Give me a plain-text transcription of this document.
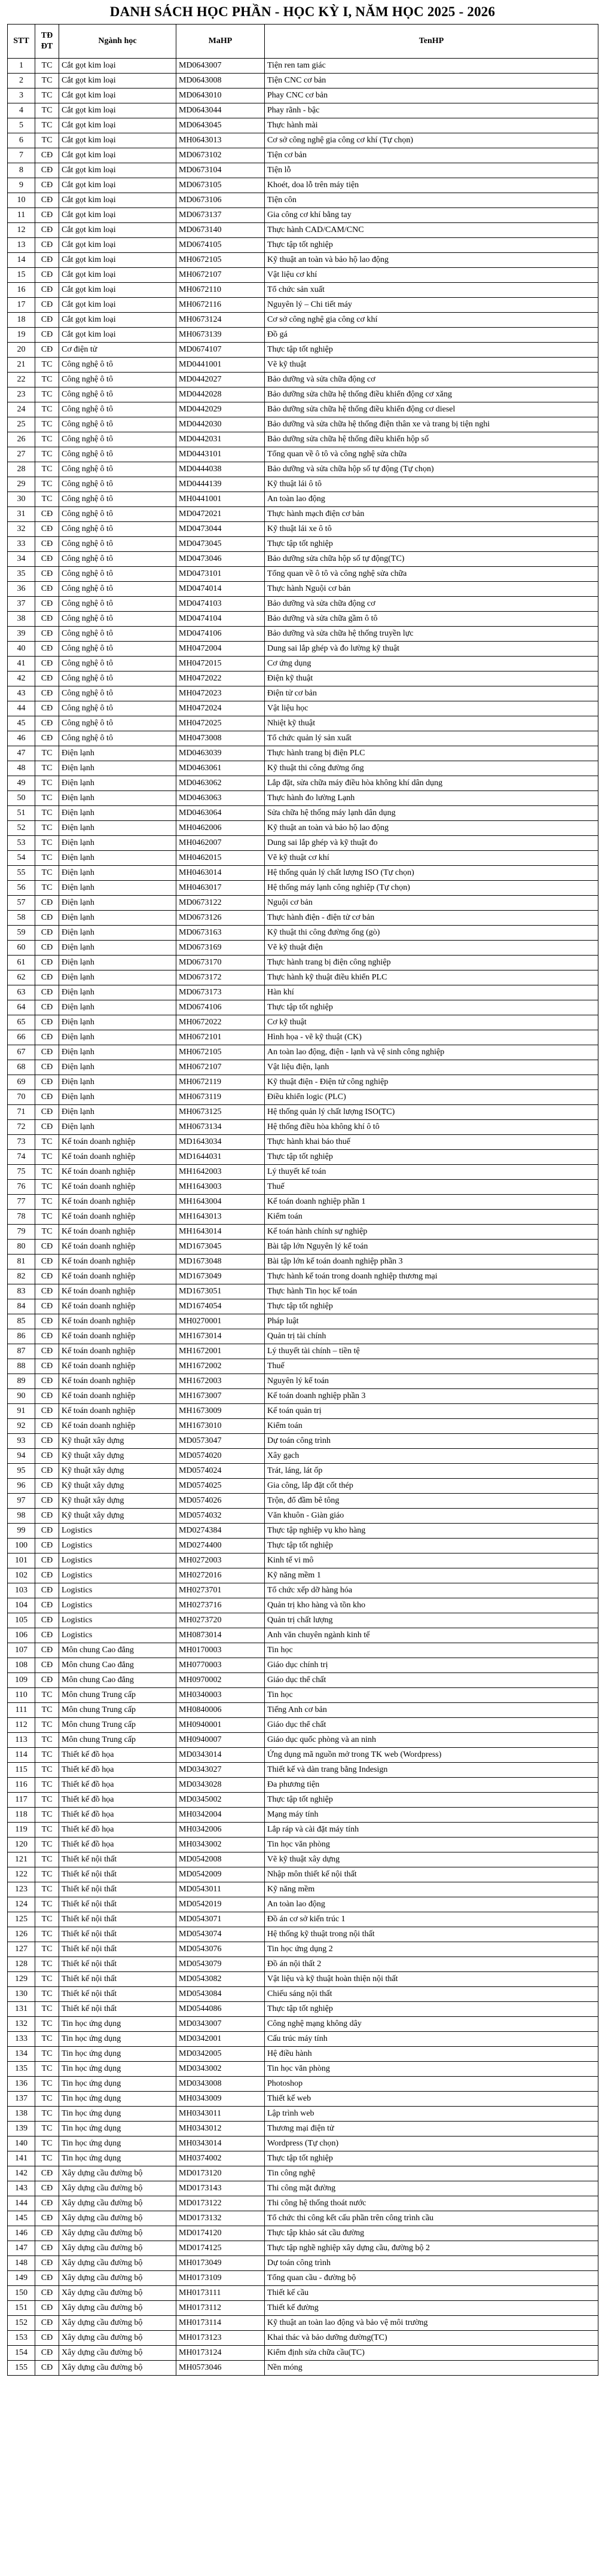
DANH SÁCH HỌC PHẦN - HỌC KỲ I, NĂM HỌC 2025 - 2026
STT	TĐ ĐT	Ngành học	MaHP	TenHP
1	TC	Cắt gọt kim loại	MD0643007	Tiện ren tam giác
2	TC	Cắt gọt kim loại	MD0643008	Tiện CNC cơ bản
3	TC	Cắt gọt kim loại	MD0643010	Phay CNC cơ bản
4	TC	Cắt gọt kim loại	MD0643044	Phay rãnh - bậc
5	TC	Cắt gọt kim loại	MD0643045	Thực hành mài
6	TC	Cắt gọt kim loại	MH0643013	Cơ sở công nghệ gia công cơ khí (Tự chọn)
7	CĐ	Cắt gọt kim loại	MD0673102	Tiện cơ bản
8	CĐ	Cắt gọt kim loại	MD0673104	Tiện lỗ
9	CĐ	Cắt gọt kim loại	MD0673105	Khoét, doa lỗ trên máy tiện
10	CĐ	Cắt gọt kim loại	MD0673106	Tiện côn
11	CĐ	Cắt gọt kim loại	MD0673137	Gia công cơ khí bằng tay
12	CĐ	Cắt gọt kim loại	MD0673140	Thực hành CAD/CAM/CNC
13	CĐ	Cắt gọt kim loại	MD0674105	Thực tập tốt nghiệp
14	CĐ	Cắt gọt kim loại	MH0672105	Kỹ thuật an toàn và bảo hộ lao động
15	CĐ	Cắt gọt kim loại	MH0672107	Vật liệu cơ khí
16	CĐ	Cắt gọt kim loại	MH0672110	Tổ chức sản xuất
17	CĐ	Cắt gọt kim loại	MH0672116	Nguyên lý – Chi tiết máy
18	CĐ	Cắt gọt kim loại	MH0673124	Cơ sở công nghệ gia công cơ khí
19	CĐ	Cắt gọt kim loại	MH0673139	Đồ gá
20	CĐ	Cơ điện tử	MD0674107	Thực tập tốt nghiệp
21	TC	Công nghệ ô tô	MD0441001	Vẽ kỹ thuật
22	TC	Công nghệ ô tô	MD0442027	Bảo dưỡng và sửa chữa động cơ
23	TC	Công nghệ ô tô	MD0442028	Bảo dưỡng sửa chữa hệ thống điều khiển động cơ xăng
24	TC	Công nghệ ô tô	MD0442029	Bảo dưỡng sửa chữa hệ thống điều khiển động cơ diesel
25	TC	Công nghệ ô tô	MD0442030	Bảo dưỡng và sửa chữa hệ thống điện thân xe và trang bị tiện nghi
26	TC	Công nghệ ô tô	MD0442031	Bảo dưỡng sửa chữa hệ thống điều khiển hộp số
27	TC	Công nghệ ô tô	MD0443101	Tổng quan về ô tô và công nghệ sửa chữa
28	TC	Công nghệ ô tô	MD0444038	Bảo dưỡng và sửa chữa hộp số tự động (Tự chọn)
29	TC	Công nghệ ô tô	MD0444139	Kỹ thuật lái ô tô
30	TC	Công nghệ ô tô	MH0441001	An toàn lao động
31	CĐ	Công nghệ ô tô	MD0472021	Thực hành mạch điện cơ bản
32	CĐ	Công nghệ ô tô	MD0473044	Kỹ thuật lái xe ô tô
33	CĐ	Công nghệ ô tô	MD0473045	Thực tập tốt nghiệp
34	CĐ	Công nghệ ô tô	MD0473046	Bảo dưỡng sửa chữa hộp số tự động(TC)
35	CĐ	Công nghệ ô tô	MD0473101	Tổng quan về ô tô và công nghệ sửa chữa
36	CĐ	Công nghệ ô tô	MD0474014	Thực hành Nguội cơ bản
37	CĐ	Công nghệ ô tô	MD0474103	Bảo dưỡng và sửa chữa động cơ
38	CĐ	Công nghệ ô tô	MD0474104	Bảo dưỡng và sửa chữa gầm ô tô
39	CĐ	Công nghệ ô tô	MD0474106	Bảo dưỡng và sửa chữa hệ thống truyền lực
40	CĐ	Công nghệ ô tô	MH0472004	Dung sai lắp ghép và đo lường kỹ thuật
41	CĐ	Công nghệ ô tô	MH0472015	Cơ ứng dụng
42	CĐ	Công nghệ ô tô	MH0472022	Điện kỹ thuật
43	CĐ	Công nghệ ô tô	MH0472023	Điện tử cơ bản
44	CĐ	Công nghệ ô tô	MH0472024	Vật liệu học
45	CĐ	Công nghệ ô tô	MH0472025	Nhiệt kỹ thuật
46	CĐ	Công nghệ ô tô	MH0473008	Tổ chức quản lý sản xuất
47	TC	Điện lạnh	MD0463039	Thực hành trang bị điện PLC
48	TC	Điện lạnh	MD0463061	Kỹ thuật thi công đường ống
49	TC	Điện lạnh	MD0463062	Lắp đặt, sửa chữa máy điều hòa không khí dân dụng
50	TC	Điện lạnh	MD0463063	Thực hành đo lường Lạnh
51	TC	Điện lạnh	MD0463064	Sửa chữa hệ thống máy lạnh dân dụng
52	TC	Điện lạnh	MH0462006	Kỹ thuật an toàn và bảo hộ lao động
53	TC	Điện lạnh	MH0462007	Dung sai lắp ghép và kỹ thuật đo
54	TC	Điện lạnh	MH0462015	Vẽ kỹ thuật cơ khí
55	TC	Điện lạnh	MH0463014	Hệ thống quản lý chất lượng ISO (Tự chọn)
56	TC	Điện lạnh	MH0463017	Hệ thống máy lạnh công nghiệp (Tự chọn)
57	CĐ	Điện lạnh	MD0673122	Nguội cơ bản
58	CĐ	Điện lạnh	MD0673126	Thực hành điện - điện tử cơ bản
59	CĐ	Điện lạnh	MD0673163	Kỹ thuật thi công đường ống (gò)
60	CĐ	Điện lạnh	MD0673169	Vẽ kỹ thuật điện
61	CĐ	Điện lạnh	MD0673170	Thực hành trang bị điện công nghiệp
62	CĐ	Điện lạnh	MD0673172	Thực hành kỹ thuật điều khiển PLC
63	CĐ	Điện lạnh	MD0673173	Hàn khí
64	CĐ	Điện lạnh	MD0674106	Thực tập tốt nghiệp
65	CĐ	Điện lạnh	MH0672022	Cơ kỹ thuật
66	CĐ	Điện lạnh	MH0672101	Hình họa - vẽ kỹ thuật (CK)
67	CĐ	Điện lạnh	MH0672105	An toàn lao động, điện - lạnh và vệ sinh công nghiệp
68	CĐ	Điện lạnh	MH0672107	Vật liệu điện, lạnh
69	CĐ	Điện lạnh	MH0672119	Kỹ thuật điện - Điện tử công nghiệp
70	CĐ	Điện lạnh	MH0673119	Điều khiển logic (PLC)
71	CĐ	Điện lạnh	MH0673125	Hệ thống quản lý chất lượng ISO(TC)
72	CĐ	Điện lạnh	MH0673134	Hệ thống điều hòa không khí ô tô
73	TC	Kế toán doanh nghiệp	MD1643034	Thực hành khai báo thuế
74	TC	Kế toán doanh nghiệp	MD1644031	Thực tập tốt nghiệp
75	TC	Kế toán doanh nghiệp	MH1642003	Lý thuyết kế toán
76	TC	Kế toán doanh nghiệp	MH1643003	Thuế
77	TC	Kế toán doanh nghiệp	MH1643004	Kế toán doanh nghiệp phần 1
78	TC	Kế toán doanh nghiệp	MH1643013	Kiểm toán
79	TC	Kế toán doanh nghiệp	MH1643014	Kế toán hành chính sự nghiệp
80	CĐ	Kế toán doanh nghiệp	MD1673045	Bài tập lớn Nguyên lý kế toán
81	CĐ	Kế toán doanh nghiệp	MD1673048	Bài tập lớn kế toán doanh nghiệp phần 3
82	CĐ	Kế toán doanh nghiệp	MD1673049	Thực hành kế toán trong doanh nghiệp thương mại
83	CĐ	Kế toán doanh nghiệp	MD1673051	Thực hành Tin học kế toán
84	CĐ	Kế toán doanh nghiệp	MD1674054	Thực tập tốt nghiệp
85	CĐ	Kế toán doanh nghiệp	MH0270001	Pháp luật
86	CĐ	Kế toán doanh nghiệp	MH1673014	Quản trị tài chính
87	CĐ	Kế toán doanh nghiệp	MH1672001	Lý thuyết tài chính – tiền tệ
88	CĐ	Kế toán doanh nghiệp	MH1672002	Thuế
89	CĐ	Kế toán doanh nghiệp	MH1672003	Nguyên lý kế toán
90	CĐ	Kế toán doanh nghiệp	MH1673007	Kế toán doanh nghiệp phần 3
91	CĐ	Kế toán doanh nghiệp	MH1673009	Kế toán quản trị
92	CĐ	Kế toán doanh nghiệp	MH1673010	Kiểm toán
93	CĐ	Kỹ thuật xây dựng	MD0573047	Dự toán công trình
94	CĐ	Kỹ thuật xây dựng	MD0574020	Xây gạch
95	CĐ	Kỹ thuật xây dựng	MD0574024	Trát, láng, lát ốp
96	CĐ	Kỹ thuật xây dựng	MD0574025	Gia công, lắp đặt cốt thép
97	CĐ	Kỹ thuật xây dựng	MD0574026	Trộn, đổ đầm bê tông
98	CĐ	Kỹ thuật xây dựng	MD0574032	Văn khuôn - Giàn giáo
99	CĐ	Logistics	MD0274384	Thực tập nghiệp vụ kho hàng
100	CĐ	Logistics	MD0274400	Thực tập tốt nghiệp
101	CĐ	Logistics	MH0272003	Kinh tế vi mô
102	CĐ	Logistics	MH0272016	Kỹ năng mềm 1
103	CĐ	Logistics	MH0273701	Tổ chức xếp dỡ hàng hóa
104	CĐ	Logistics	MH0273716	Quản trị kho hàng và tồn kho
105	CĐ	Logistics	MH0273720	Quản trị chất lượng
106	CĐ	Logistics	MH0873014	Anh văn chuyên ngành kinh tế
107	CĐ	Môn chung Cao đẳng	MH0170003	Tin học
108	CĐ	Môn chung Cao đẳng	MH0770003	Giáo dục chính trị
109	CĐ	Môn chung Cao đẳng	MH0970002	Giáo dục thể chất
110	TC	Môn chung Trung cấp	MH0340003	Tin học
111	TC	Môn chung Trung cấp	MH0840006	Tiếng Anh cơ bản
112	TC	Môn chung Trung cấp	MH0940001	Giáo dục thể chất
113	TC	Môn chung Trung cấp	MH0940007	Giáo dục quốc phòng và an ninh
114	TC	Thiết kế đồ họa	MD0343014	Ứng dụng mã nguồn mở trong TK web (Wordpress)
115	TC	Thiết kế đồ họa	MD0343027	Thiết kế và dàn trang bằng Indesign
116	TC	Thiết kế đồ họa	MD0343028	Đa phương tiện
117	TC	Thiết kế đồ họa	MD0345002	Thực tập tốt nghiệp
118	TC	Thiết kế đồ họa	MH0342004	Mạng máy tính
119	TC	Thiết kế đồ họa	MH0342006	Lắp ráp và cài đặt máy tính
120	TC	Thiết kế đồ họa	MH0343002	Tin học văn phòng
121	TC	Thiết kế nội thất	MD0542008	Vẽ kỹ thuật xây dựng
122	TC	Thiết kế nội thất	MD0542009	Nhập môn thiết kế nội thất
123	TC	Thiết kế nội thất	MD0543011	Kỹ năng mềm
124	TC	Thiết kế nội thất	MD0542019	An toàn lao động
125	TC	Thiết kế nội thất	MD0543071	Đồ án cơ sở kiến trúc 1
126	TC	Thiết kế nội thất	MD0543074	Hệ thống kỹ thuật trong nội thất
127	TC	Thiết kế nội thất	MD0543076	Tin học ứng dụng 2
128	TC	Thiết kế nội thất	MD0543079	Đồ án nội thất 2
129	TC	Thiết kế nội thất	MD0543082	Vật liệu và kỹ thuật hoàn thiện nội thất
130	TC	Thiết kế nội thất	MD0543084	Chiếu sáng nội thất
131	TC	Thiết kế nội thất	MD0544086	Thực tập tốt nghiệp
132	TC	Tin học ứng dụng	MD0343007	Công nghệ mạng không dây
133	TC	Tin học ứng dụng	MD0342001	Cấu trúc máy tính
134	TC	Tin học ứng dụng	MD0342005	Hệ điều hành
135	TC	Tin học ứng dụng	MD0343002	Tin học văn phòng
136	TC	Tin học ứng dụng	MD0343008	Photoshop
137	TC	Tin học ứng dụng	MH0343009	Thiết kế web
138	TC	Tin học ứng dụng	MH0343011	Lập trình web
139	TC	Tin học ứng dụng	MH0343012	Thương mại điện tử
140	TC	Tin học ứng dụng	MH0343014	Wordpress (Tự chọn)
141	TC	Tin học ứng dụng	MH0374002	Thực tập tốt nghiệp
142	CĐ	Xây dựng cầu đường bộ	MD0173120	Tin công nghệ
143	CĐ	Xây dựng cầu đường bộ	MD0173143	Thi công mặt đường
144	CĐ	Xây dựng cầu đường bộ	MD0173122	Thi công hệ thống thoát nước
145	CĐ	Xây dựng cầu đường bộ	MD0173132	Tổ chức thi công kết cấu phần trên công trình cầu
146	CĐ	Xây dựng cầu đường bộ	MD0174120	Thực tập khảo sát cầu đường
147	CĐ	Xây dựng cầu đường bộ	MD0174125	Thực tập nghề nghiệp xây dựng cầu, đường bộ 2
148	CĐ	Xây dựng cầu đường bộ	MH0173049	Dự toán công trình
149	CĐ	Xây dựng cầu đường bộ	MH0173109	Tổng quan cầu - đường bộ
150	CĐ	Xây dựng cầu đường bộ	MH0173111	Thiết kế cầu
151	CĐ	Xây dựng cầu đường bộ	MH0173112	Thiết kế đường
152	CĐ	Xây dựng cầu đường bộ	MH0173114	Kỹ thuật an toàn lao động và bảo vệ môi trường
153	CĐ	Xây dựng cầu đường bộ	MH0173123	Khai thác và bảo dưỡng đường(TC)
154	CĐ	Xây dựng cầu đường bộ	MH0173124	Kiểm định sửa chữa cầu(TC)
155	CĐ	Xây dựng cầu đường bộ	MH0573046	Nền móng
